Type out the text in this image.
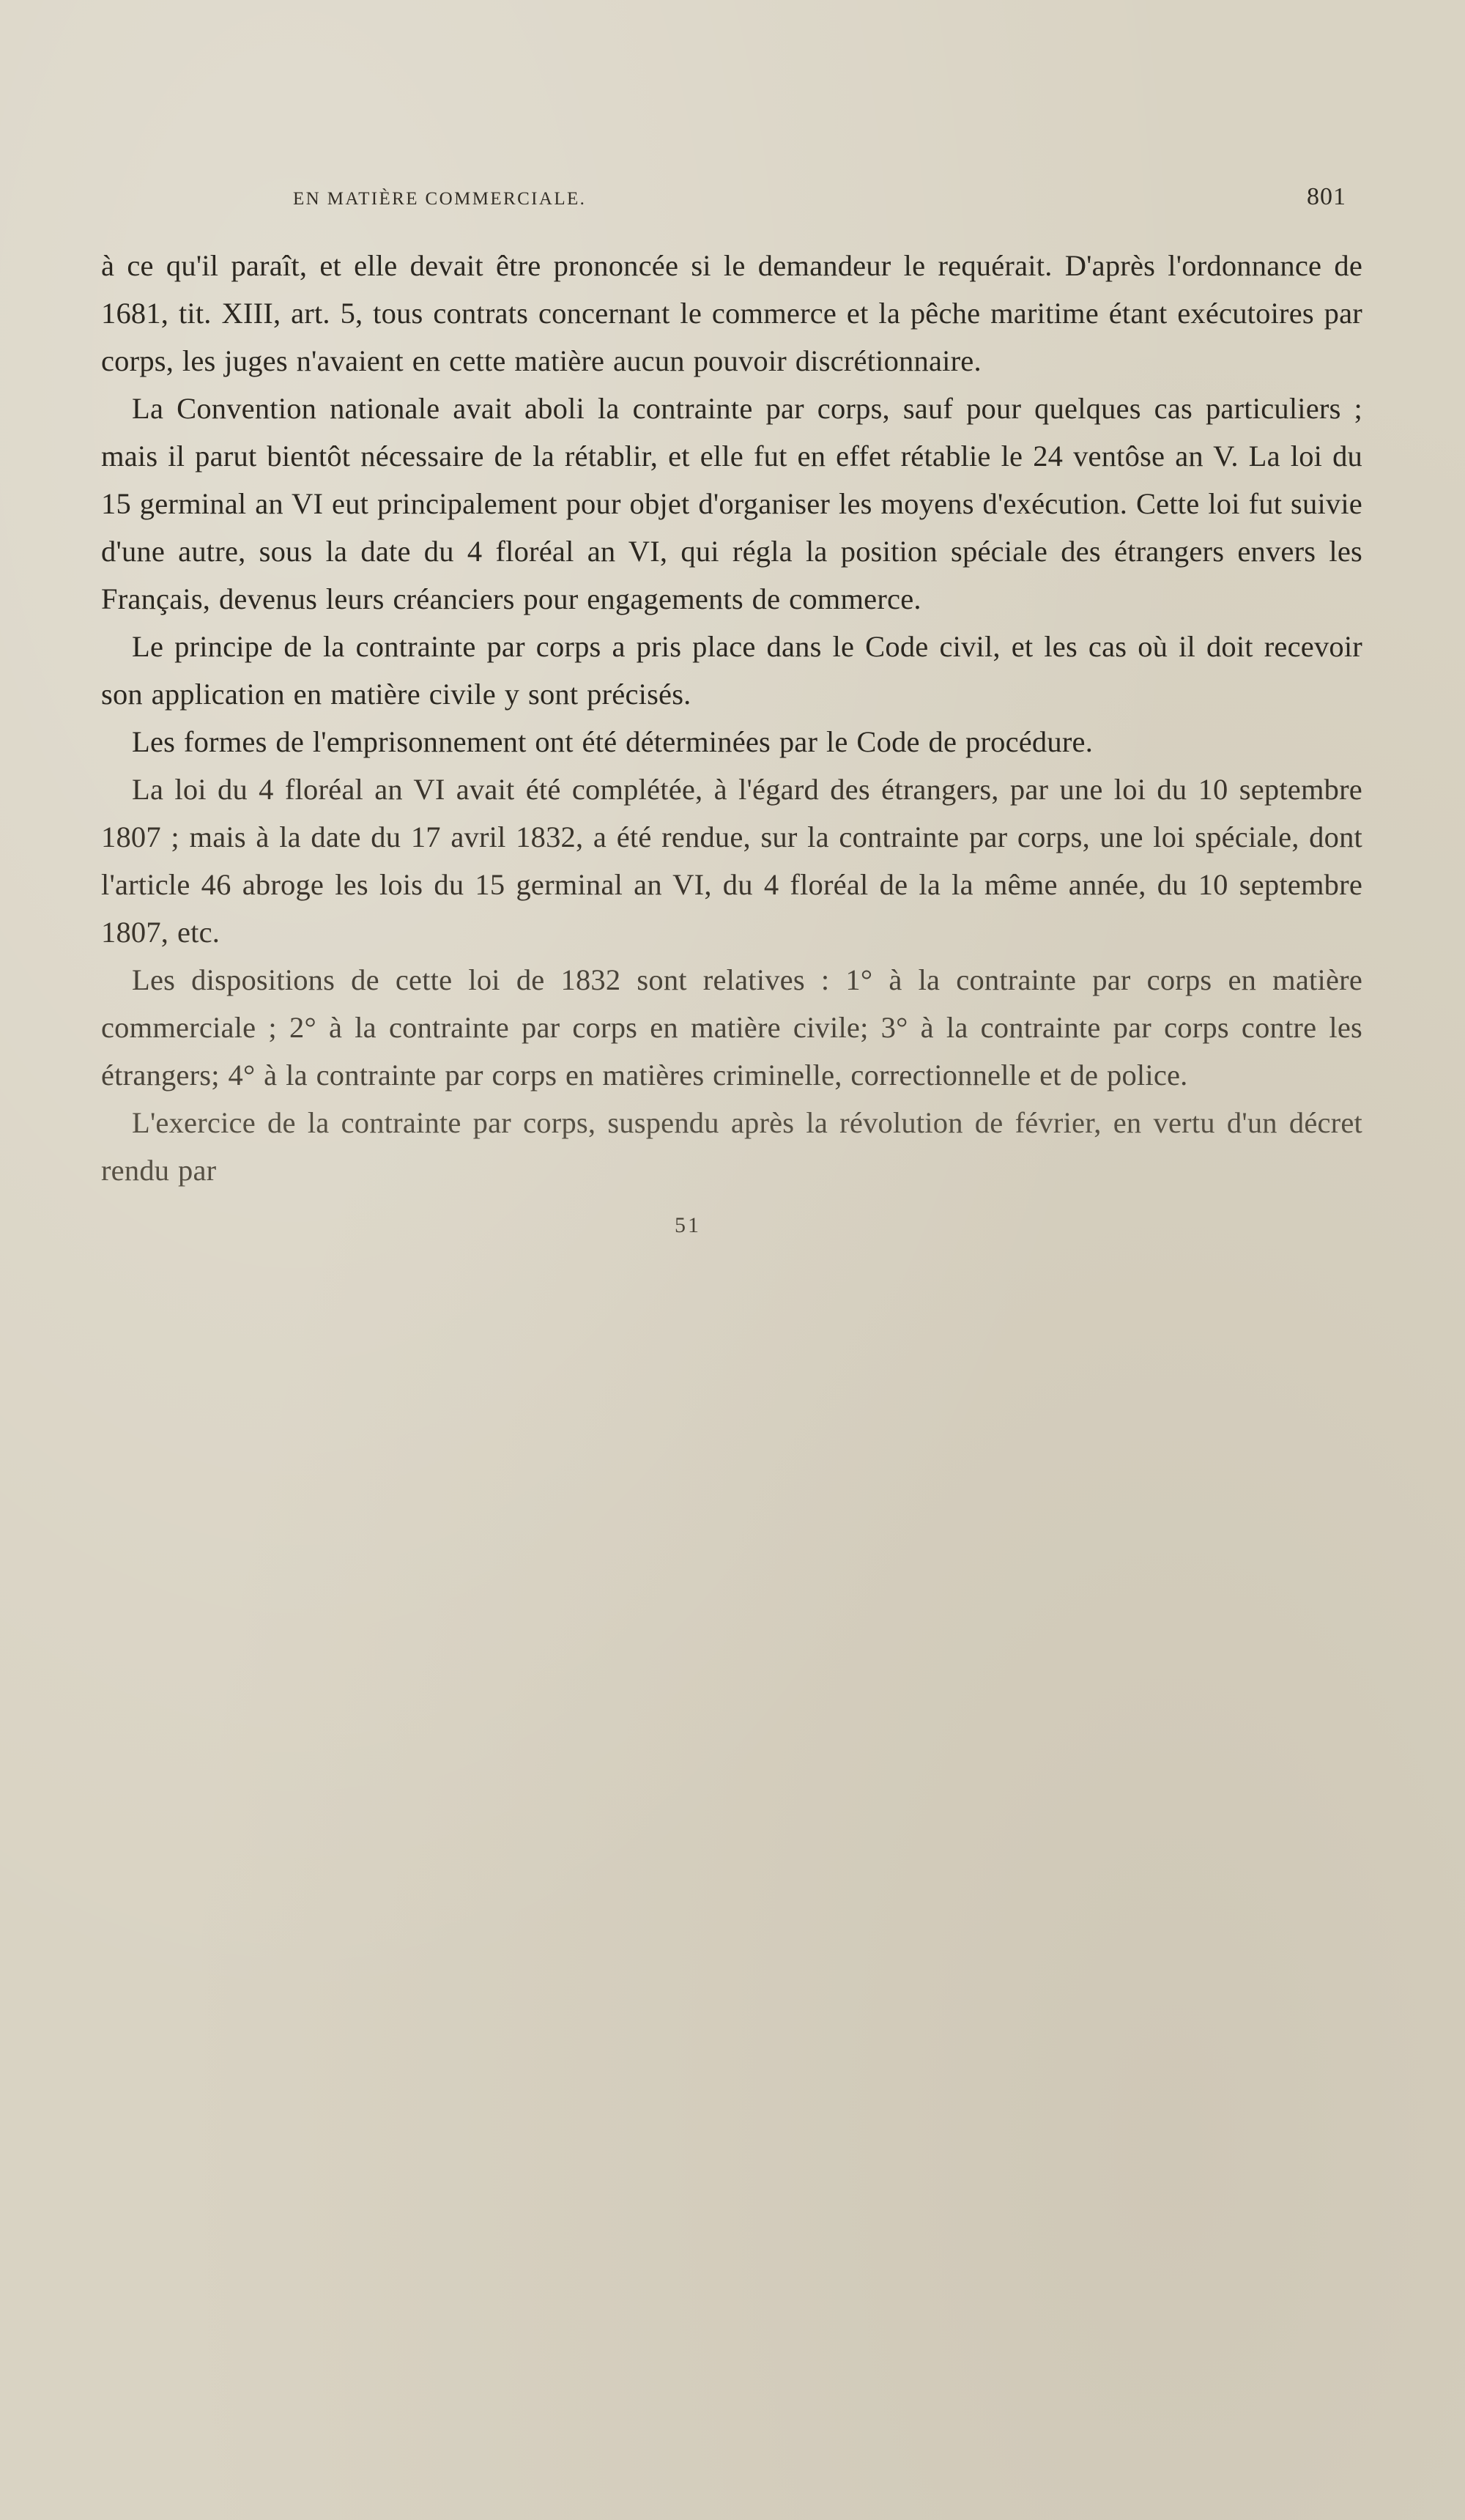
EN MATIÈRE COMMERCIALE.	801

à ce qu'il paraît, et elle devait être prononcée si le demandeur le requérait. D'après l'ordonnance de 1681, tit. XIII, art. 5, tous contrats concernant le commerce et la pêche maritime étant exécutoires par corps, les juges n'avaient en cette matière aucun pouvoir discrétionnaire.

La Convention nationale avait aboli la contrainte par corps, sauf pour quelques cas particuliers ; mais il parut bientôt nécessaire de la rétablir, et elle fut en effet rétablie le 24 ventôse an V. La loi du 15 germinal an VI eut principalement pour objet d'organiser les moyens d'exécution. Cette loi fut suivie d'une autre, sous la date du 4 floréal an VI, qui régla la position spéciale des étrangers envers les Français, devenus leurs créanciers pour engagements de commerce.

Le principe de la contrainte par corps a pris place dans le Code civil, et les cas où il doit recevoir son application en matière civile y sont précisés.

Les formes de l'emprisonnement ont été déterminées par le Code de procédure.

La loi du 4 floréal an VI avait été complétée, à l'égard des étrangers, par une loi du 10 septembre 1807 ; mais à la date du 17 avril 1832, a été rendue, sur la contrainte par corps, une loi spéciale, dont l'article 46 abroge les lois du 15 germinal an VI, du 4 floréal de la la même année, du 10 septembre 1807, etc.

Les dispositions de cette loi de 1832 sont relatives : 1° à la contrainte par corps en matière commerciale ; 2° à la contrainte par corps en matière civile; 3° à la contrainte par corps contre les étrangers; 4° à la contrainte par corps en matières criminelle, correctionnelle et de police.

L'exercice de la contrainte par corps, suspendu après la révolution de février, en vertu d'un décret rendu par

51
